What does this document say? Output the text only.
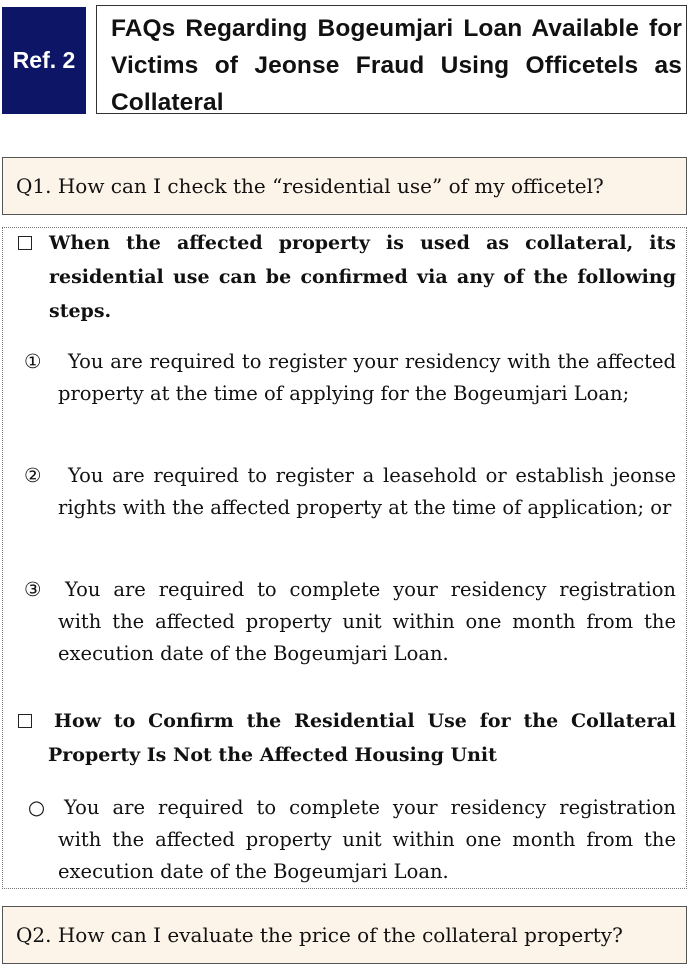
Ref. 2
FAQs Regarding Bogeumjari Loan Available for Victims of Jeonse Fraud Using Officetels as Collateral
Q1. How can I check the “residential use” of my officetel?
When the affected property is used as collateral, its residential use can be confirmed via any of the following steps.
①	You are required to register your residency with the affected property at the time of applying for the Bogeumjari Loan;
②	You are required to register a leasehold or establish jeonse rights with the affected property at the time of application; or
③	You are required to complete your residency registration with the affected property unit within one month from the execution date of the Bogeumjari Loan.
How to Confirm the Residential Use for the Collateral Property Is Not the Affected Housing Unit
○ You are required to complete your residency registration with the affected property unit within one month from the execution date of the Bogeumjari Loan.
Q2. How can I evaluate the price of the collateral property?
